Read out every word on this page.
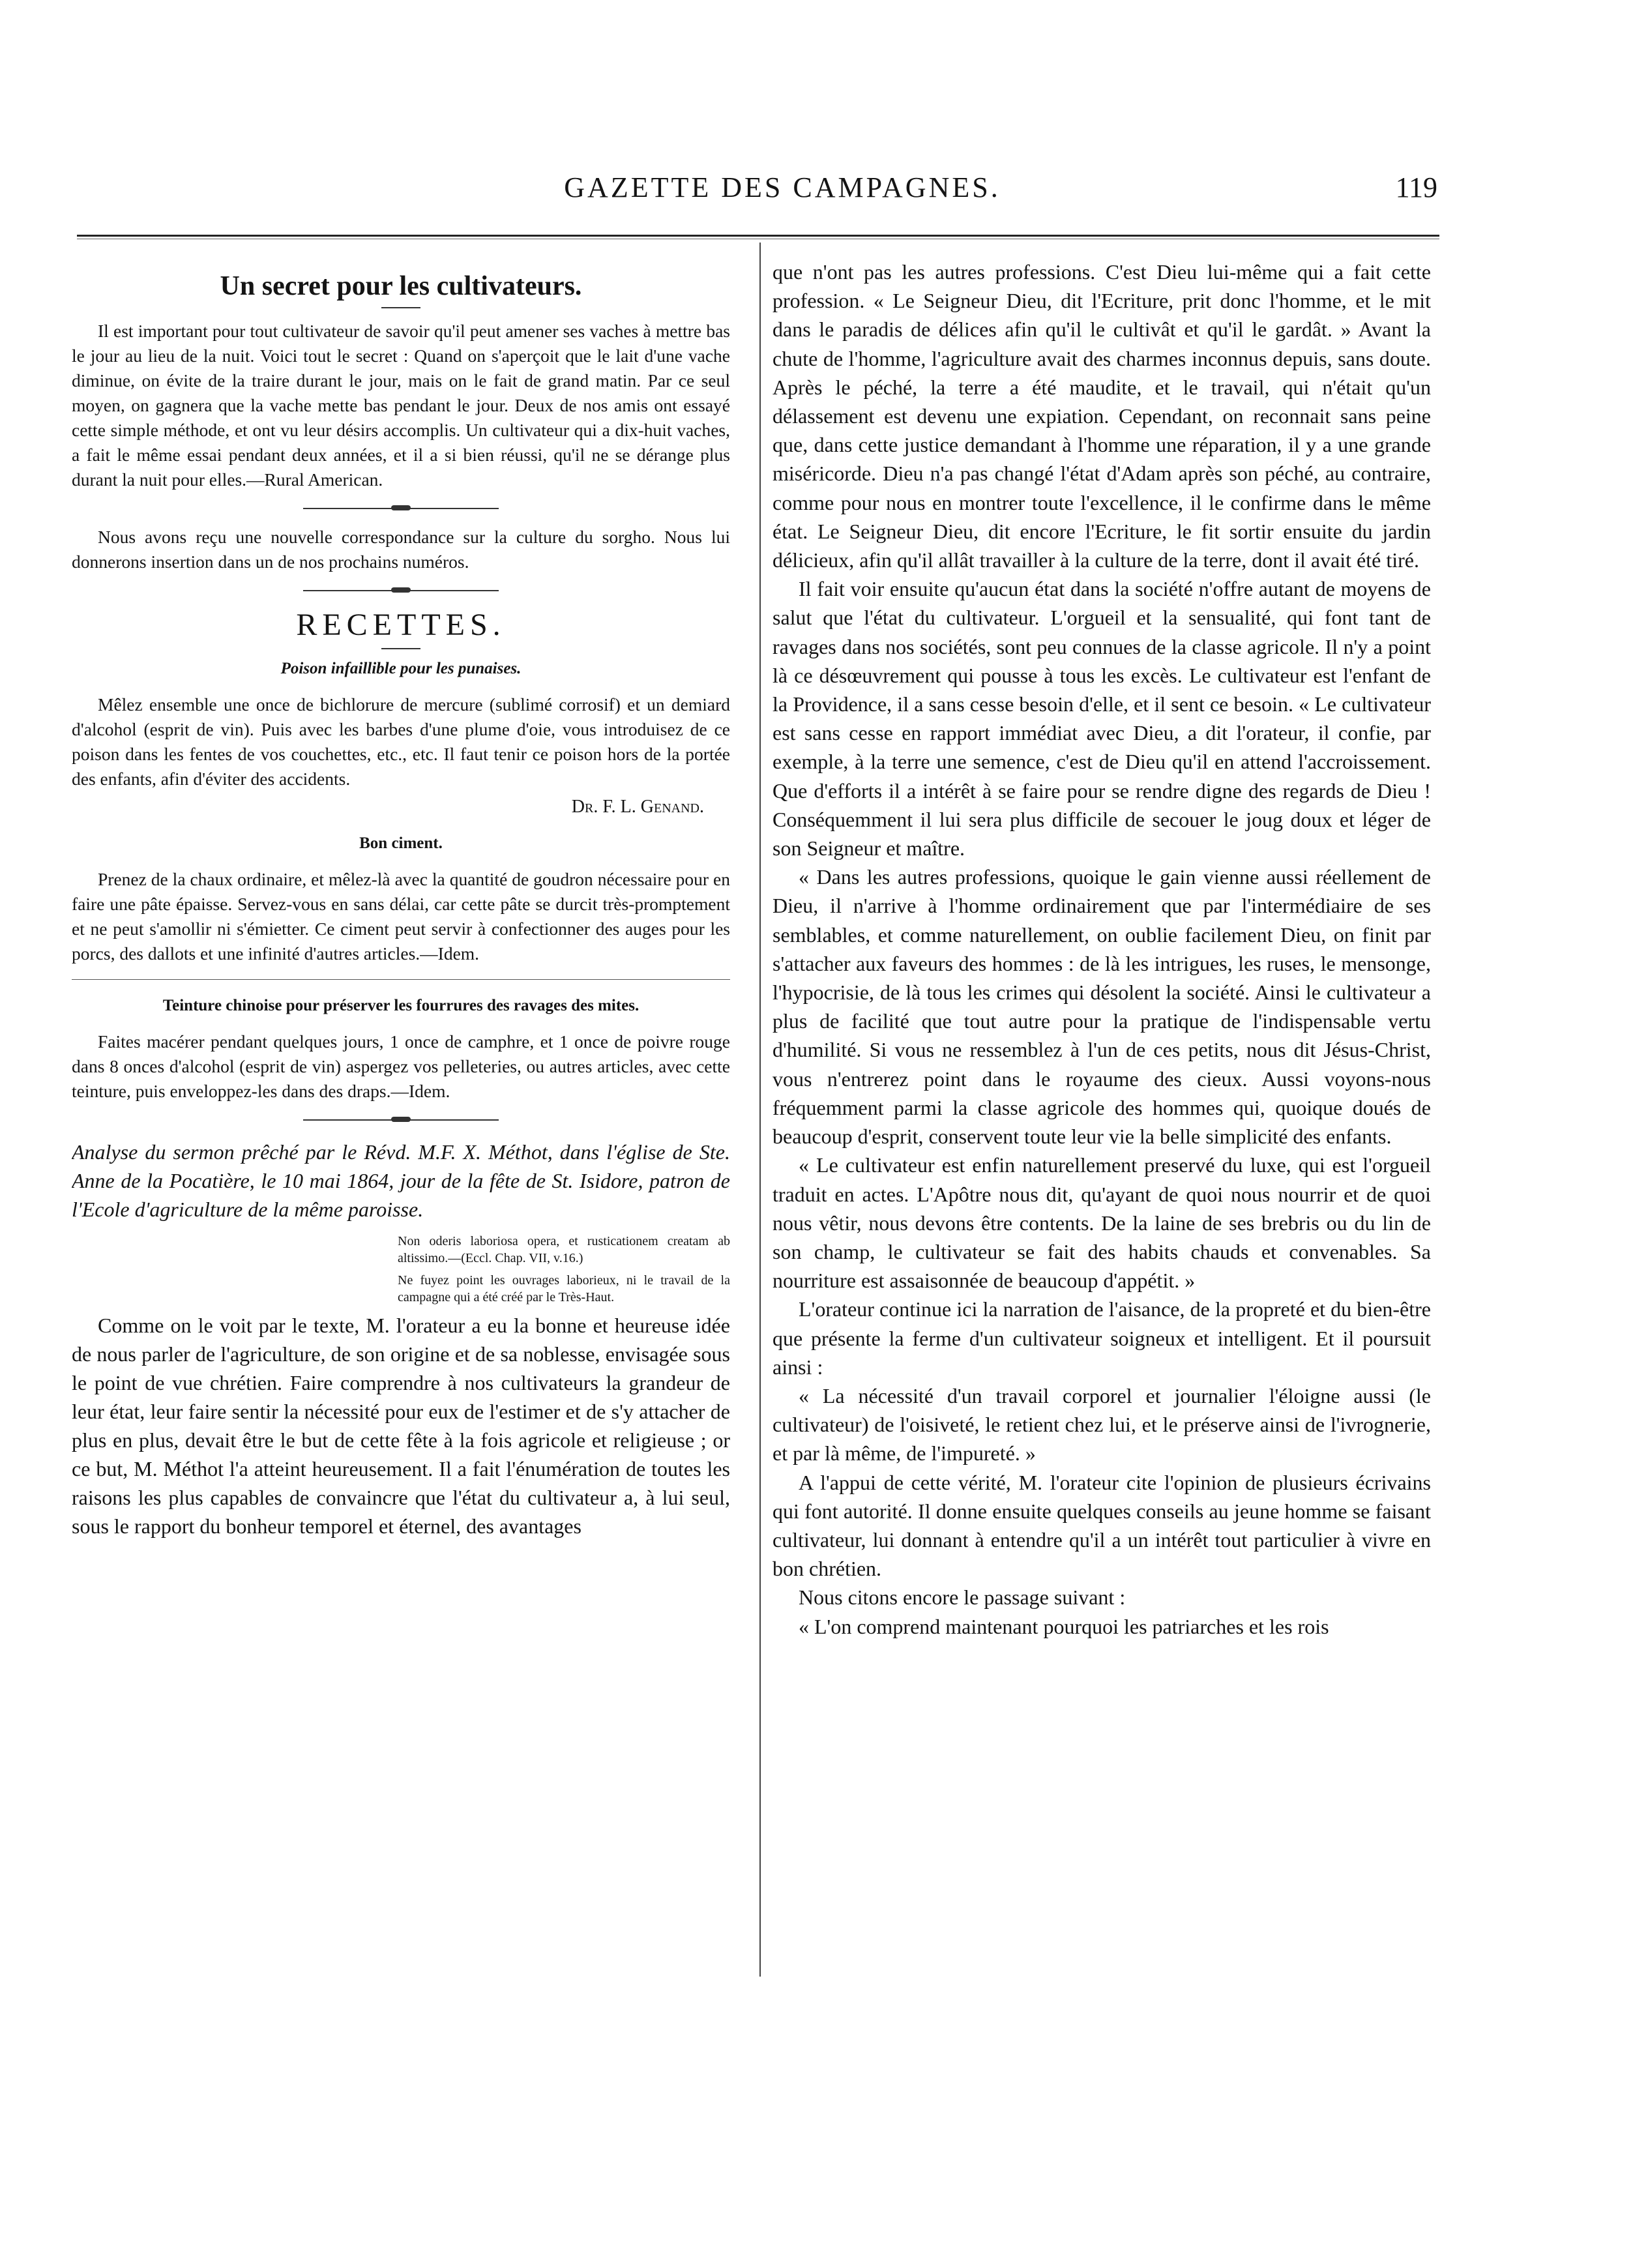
GAZETTE DES CAMPAGNES.	119
Un secret pour les cultivateurs.

Il est important pour tout cultivateur de savoir qu'il peut amener ses vaches à mettre bas le jour au lieu de la nuit. Voici tout le secret : Quand on s'aperçoit que le lait d'une vache diminue, on évite de la traire durant le jour, mais on le fait de grand matin. Par ce seul moyen, on gagnera que la vache mette bas pendant le jour. Deux de nos amis ont essayé cette simple méthode, et ont vu leur désirs accomplis. Un cultivateur qui a dix-huit vaches, a fait le même essai pendant deux années, et il a si bien réussi, qu'il ne se dérange plus durant la nuit pour elles.—Rural American.

Nous avons reçu une nouvelle correspondance sur la culture du sorgho. Nous lui donnerons insertion dans un de nos prochains numéros.

RECETTES.
Poison infaillible pour les punaises.

Mêlez ensemble une once de bichlorure de mercure (sublimé corrosif) et un demiard d'alcohol (esprit de vin). Puis avec les barbes d'une plume d'oie, vous introduisez de ce poison dans les fentes de vos couchettes, etc., etc. Il faut tenir ce poison hors de la portée des enfants, afin d'éviter des accidents.

Dr. F. L. Genand.
Bon ciment.

Prenez de la chaux ordinaire, et mêlez-là avec la quantité de goudron nécessaire pour en faire une pâte épaisse. Servez-vous en sans délai, car cette pâte se durcit très-promptement et ne peut s'amollir ni s'émietter. Ce ciment peut servir à confectionner des auges pour les porcs, des dallots et une infinité d'autres articles.—Idem.

Teinture chinoise pour préserver les fourrures des ravages des mites.

Faites macérer pendant quelques jours, 1 once de camphre, et 1 once de poivre rouge dans 8 onces d'alcohol (esprit de vin) aspergez vos pelleteries, ou autres articles, avec cette teinture, puis enveloppez-les dans des draps.—Idem.

Analyse du sermon prêché par le Révd. M.F. X. Méthot, dans l'église de Ste. Anne de la Pocatière, le 10 mai 1864, jour de la fête de St. Isidore, patron de l'Ecole d'agriculture de la même paroisse.
Non oderis laboriosa opera, et rusticationem creatam ab altissimo.—(Eccl. Chap. VII, v.16.)
Ne fuyez point les ouvrages laborieux, ni le travail de la campagne qui a été créé par le Très-Haut.

Comme on le voit par le texte, M. l'orateur a eu la bonne et heureuse idée de nous parler de l'agriculture, de son origine et de sa noblesse, envisagée sous le point de vue chrétien. Faire comprendre à nos cultivateurs la grandeur de leur état, leur faire sentir la nécessité pour eux de l'estimer et de s'y attacher de plus en plus, devait être le but de cette fête à la fois agricole et religieuse ; or ce but, M. Méthot l'a atteint heureusement. Il a fait l'énumération de toutes les raisons les plus capables de convaincre que l'état du cultivateur a, à lui seul, sous le rapport du bonheur temporel et éternel, des avantages

que n'ont pas les autres professions. C'est Dieu lui-même qui a fait cette profession. « Le Seigneur Dieu, dit l'Ecriture, prit donc l'homme, et le mit dans le paradis de délices afin qu'il le cultivât et qu'il le gardât. » Avant la chute de l'homme, l'agriculture avait des charmes inconnus depuis, sans doute. Après le péché, la terre a été maudite, et le travail, qui n'était qu'un délassement est devenu une expiation. Cependant, on reconnait sans peine que, dans cette justice demandant à l'homme une réparation, il y a une grande miséricorde. Dieu n'a pas changé l'état d'Adam après son péché, au contraire, comme pour nous en montrer toute l'excellence, il le confirme dans le même état. Le Seigneur Dieu, dit encore l'Ecriture, le fit sortir ensuite du jardin délicieux, afin qu'il allât travailler à la culture de la terre, dont il avait été tiré.

Il fait voir ensuite qu'aucun état dans la société n'offre autant de moyens de salut que l'état du cultivateur. L'orgueil et la sensualité, qui font tant de ravages dans nos sociétés, sont peu connues de la classe agricole. Il n'y a point là ce désœuvrement qui pousse à tous les excès. Le cultivateur est l'enfant de la Providence, il a sans cesse besoin d'elle, et il sent ce besoin. « Le cultivateur est sans cesse en rapport immédiat avec Dieu, a dit l'orateur, il confie, par exemple, à la terre une semence, c'est de Dieu qu'il en attend l'accroissement. Que d'efforts il a intérêt à se faire pour se rendre digne des regards de Dieu ! Conséquemment il lui sera plus difficile de secouer le joug doux et léger de son Seigneur et maître.

« Dans les autres professions, quoique le gain vienne aussi réellement de Dieu, il n'arrive à l'homme ordinairement que par l'intermédiaire de ses semblables, et comme naturellement, on oublie facilement Dieu, on finit par s'attacher aux faveurs des hommes : de là les intrigues, les ruses, le mensonge, l'hypocrisie, de là tous les crimes qui désolent la société. Ainsi le cultivateur a plus de facilité que tout autre pour la pratique de l'indispensable vertu d'humilité. Si vous ne ressemblez à l'un de ces petits, nous dit Jésus-Christ, vous n'entrerez point dans le royaume des cieux. Aussi voyons-nous fréquemment parmi la classe agricole des hommes qui, quoique doués de beaucoup d'esprit, conservent toute leur vie la belle simplicité des enfants.

« Le cultivateur est enfin naturellement preservé du luxe, qui est l'orgueil traduit en actes. L'Apôtre nous dit, qu'ayant de quoi nous nourrir et de quoi nous vêtir, nous devons être contents. De la laine de ses brebris ou du lin de son champ, le cultivateur se fait des habits chauds et convenables. Sa nourriture est assaisonnée de beaucoup d'appétit. »

L'orateur continue ici la narration de l'aisance, de la propreté et du bien-être que présente la ferme d'un cultivateur soigneux et intelligent. Et il poursuit ainsi :

« La nécessité d'un travail corporel et journalier l'éloigne aussi (le cultivateur) de l'oisiveté, le retient chez lui, et le préserve ainsi de l'ivrognerie, et par là même, de l'impureté. »

A l'appui de cette vérité, M. l'orateur cite l'opinion de plusieurs écrivains qui font autorité. Il donne ensuite quelques conseils au jeune homme se faisant cultivateur, lui donnant à entendre qu'il a un intérêt tout particulier à vivre en bon chrétien.

Nous citons encore le passage suivant :

« L'on comprend maintenant pourquoi les patriarches et les rois
